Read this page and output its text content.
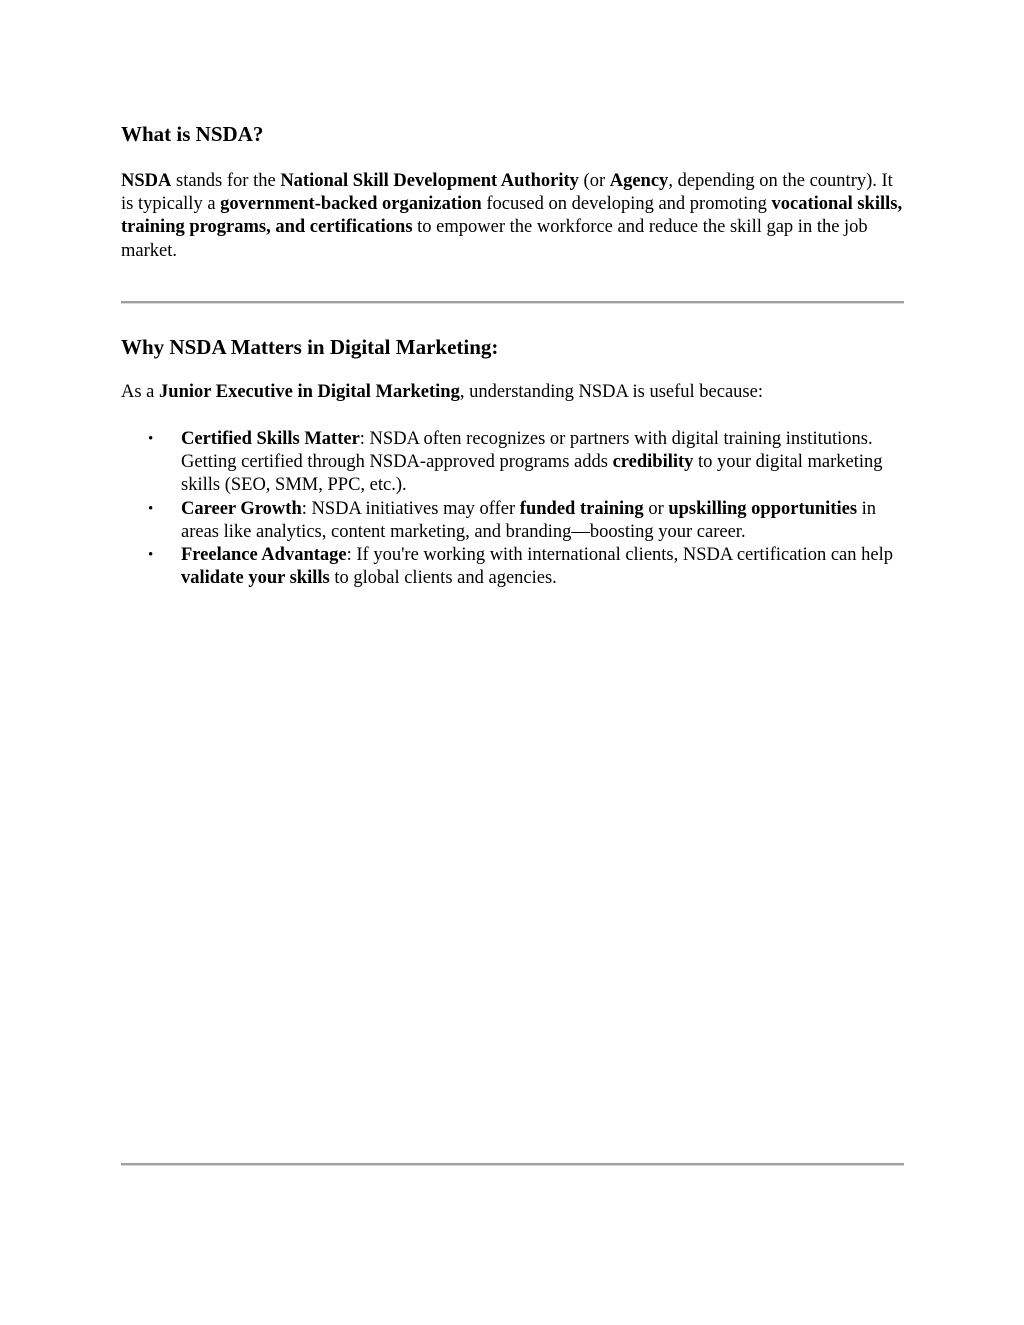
What is NSDA?

NSDA stands for the National Skill Development Authority (or Agency, depending on the country). It is typically a government-backed organization focused on developing and promoting vocational skills, training programs, and certifications to empower the workforce and reduce the skill gap in the job market.

Why NSDA Matters in Digital Marketing:

As a Junior Executive in Digital Marketing, understanding NSDA is useful because:

• Certified Skills Matter: NSDA often recognizes or partners with digital training institutions. Getting certified through NSDA-approved programs adds credibility to your digital marketing skills (SEO, SMM, PPC, etc.).
• Career Growth: NSDA initiatives may offer funded training or upskilling opportunities in areas like analytics, content marketing, and branding—boosting your career.
• Freelance Advantage: If you're working with international clients, NSDA certification can help validate your skills to global clients and agencies.
